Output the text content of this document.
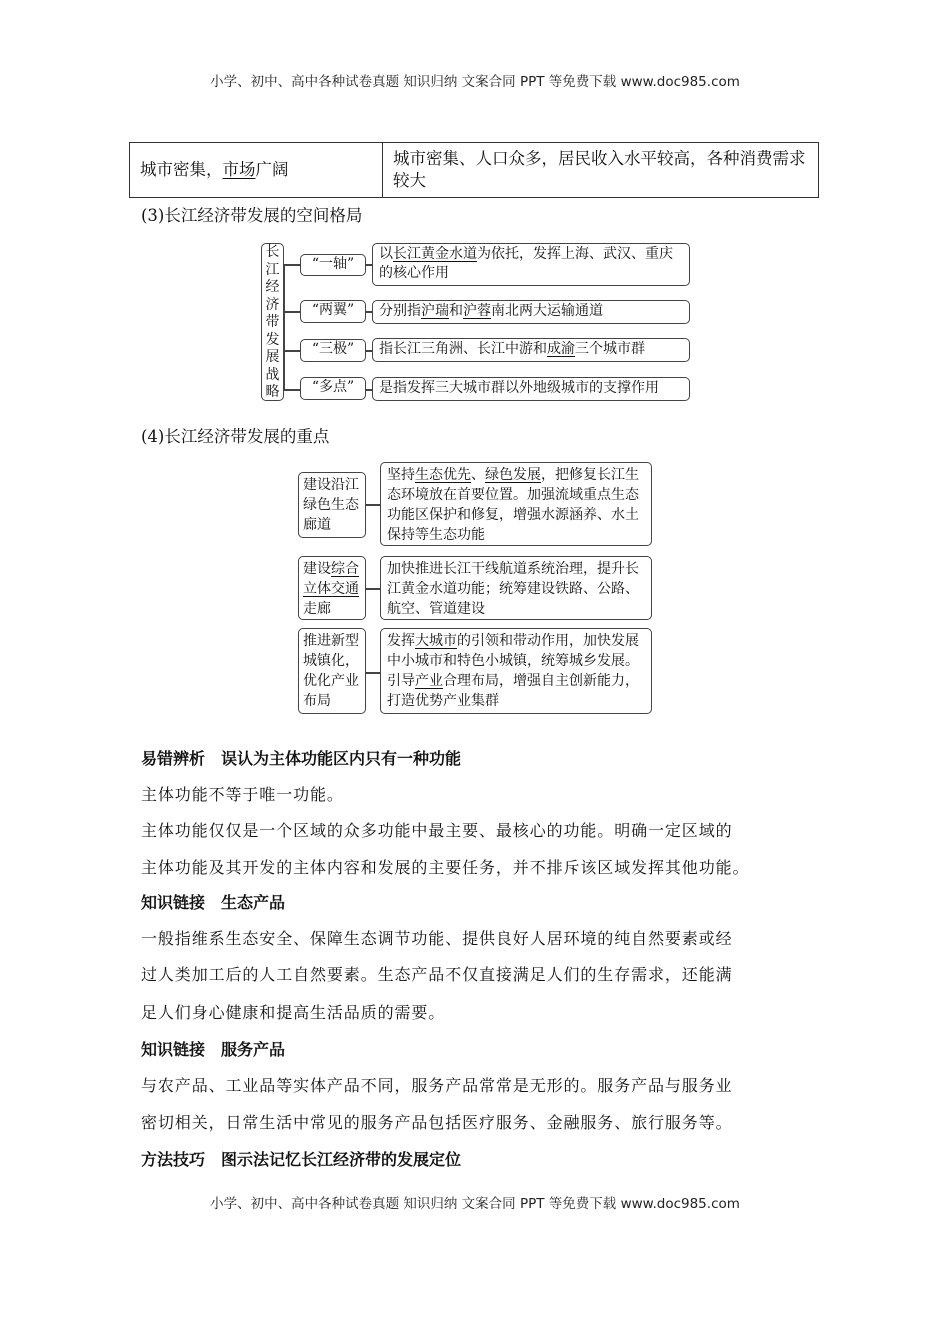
小学、初中、高中各种试卷真题 知识归纳 文案合同 PPT 等免费下载 www.doc985.com
城市密集，市场广阔	城市密集、人口众多，居民收入水平较高，各种消费需求较大
(3)长江经济带发展的空间格局
长江经济带发展战略
“一轴”
以长江黄金水道为依托，发挥上海、武汉、重庆的核心作用
“两翼”	分别指沪瑞和沪蓉南北两大运输通道
“三极”	指长江三角洲、长江中游和成渝三个城市群
“多点”	是指发挥三大城市群以外地级城市的支撑作用
(4)长江经济带发展的重点
建设沿江绿色生态廊道
坚持生态优先、绿色发展，把修复长江生态环境放在首要位置。加强流域重点生态功能区保护和修复，增强水源涵养、水土保持等生态功能
建设综合立体交通走廊
加快推进长江干线航道系统治理，提升长江黄金水道功能；统筹建设铁路、公路、航空、管道建设
推进新型城镇化，优化产业布局
发挥大城市的引领和带动作用，加快发展中小城市和特色小城镇，统筹城乡发展。引导产业合理布局，增强自主创新能力，打造优势产业集群
易错辨析　误认为主体功能区内只有一种功能
主体功能不等于唯一功能。
主体功能仅仅是一个区域的众多功能中最主要、最核心的功能。明确一定区域的
主体功能及其开发的主体内容和发展的主要任务，并不排斥该区域发挥其他功能。
知识链接　生态产品
一般指维系生态安全、保障生态调节功能、提供良好人居环境的纯自然要素或经
过人类加工后的人工自然要素。生态产品不仅直接满足人们的生存需求，还能满
足人们身心健康和提高生活品质的需要。
知识链接　服务产品
与农产品、工业品等实体产品不同，服务产品常常是无形的。服务产品与服务业
密切相关，日常生活中常见的服务产品包括医疗服务、金融服务、旅行服务等。
方法技巧　图示法记忆长江经济带的发展定位
小学、初中、高中各种试卷真题 知识归纳 文案合同 PPT 等免费下载 www.doc985.com
